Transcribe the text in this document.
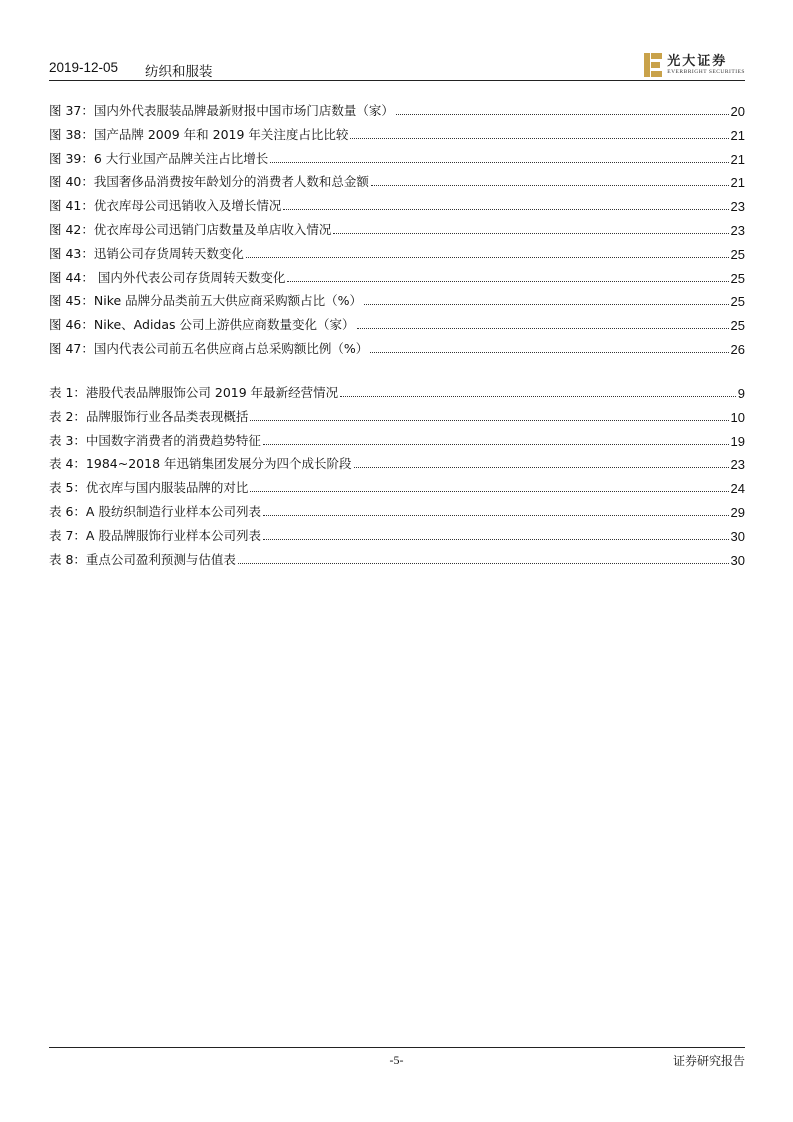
2019-12-05 纺织和服装
光大证券
EVERBRIGHT SECURITIES
图 37：国内外代表服装品牌最新财报中国市场门店数量（家）	20
图 38：国产品牌 2009 年和 2019 年关注度占比比较	21
图 39：6 大行业国产品牌关注占比增长	21
图 40：我国奢侈品消费按年龄划分的消费者人数和总金额	21
图 41：优衣库母公司迅销收入及增长情况	23
图 42：优衣库母公司迅销门店数量及单店收入情况	23
图 43：迅销公司存货周转天数变化	25
图 44： 国内外代表公司存货周转天数变化	25
图 45：Nike 品牌分品类前五大供应商采购额占比（%）	25
图 46：Nike、Adidas 公司上游供应商数量变化（家）	25
图 47：国内代表公司前五名供应商占总采购额比例（%）	26
表 1：港股代表品牌服饰公司 2019 年最新经营情况	9
表 2：品牌服饰行业各品类表现概括	10
表 3：中国数字消费者的消费趋势特征	19
表 4：1984~2018 年迅销集团发展分为四个成长阶段	23
表 5：优衣库与国内服装品牌的对比	24
表 6：A 股纺织制造行业样本公司列表	29
表 7：A 股品牌服饰行业样本公司列表	30
表 8：重点公司盈利预测与估值表	30
-5-	证券研究报告
